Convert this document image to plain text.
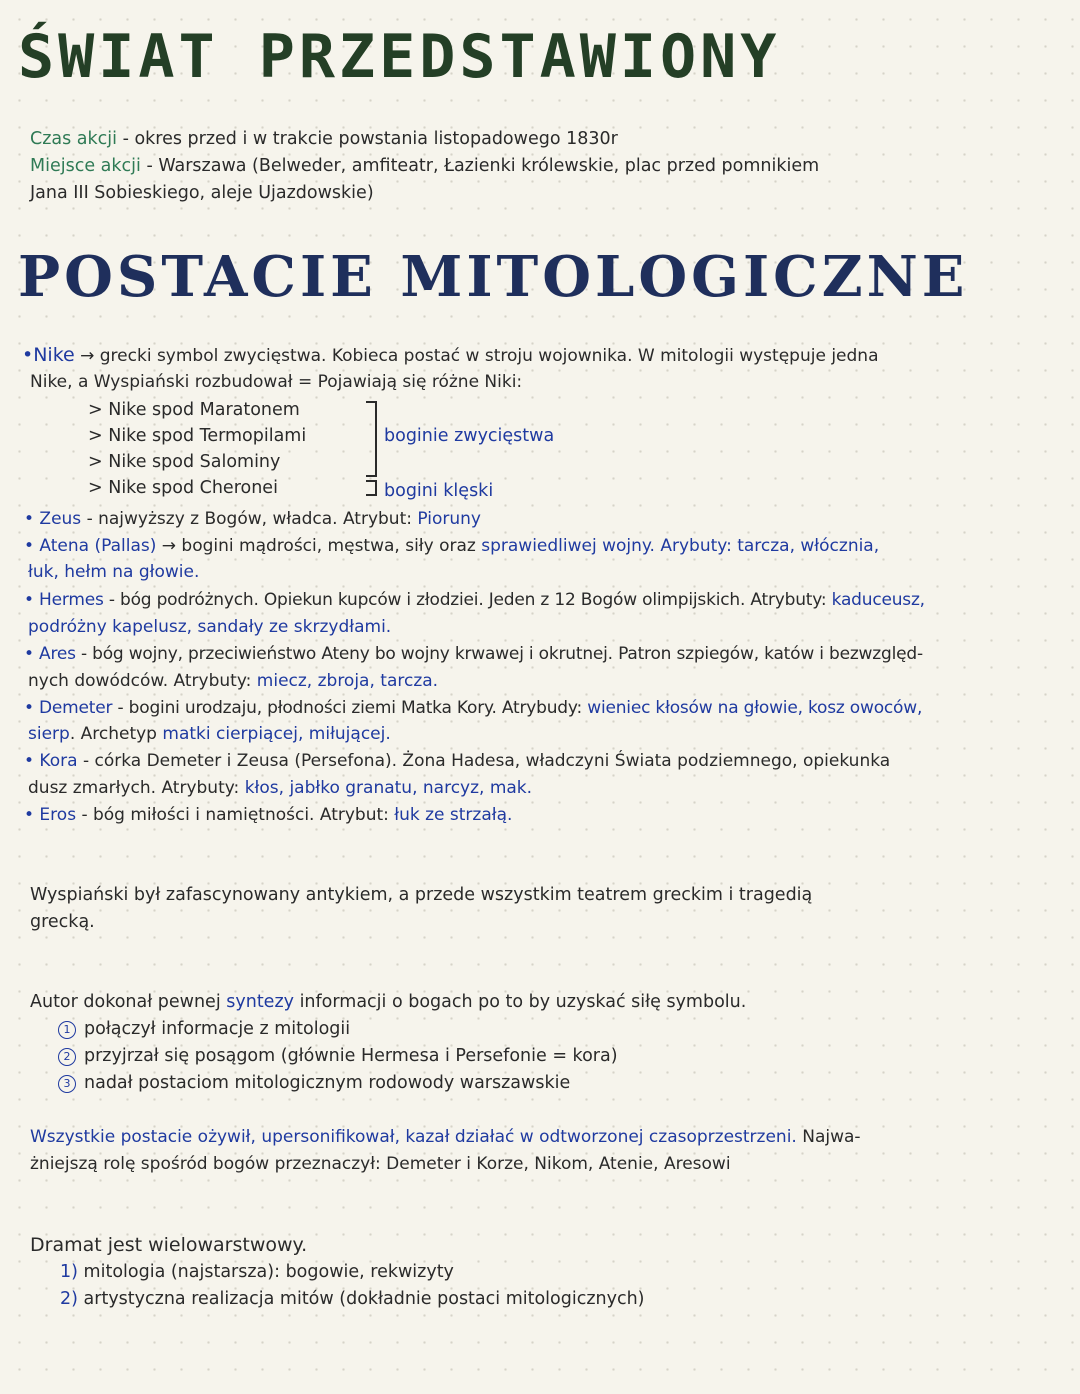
ŚWIAT PRZEDSTAWIONY
POSTACIE MITOLOGICZNE
Czas akcji - okres przed i w trakcie powstania listopadowego 1830r
Miejsce akcji - Warszawa (Belweder, amfiteatr, Łazienki królewskie, plac przed pomnikiem
Jana III Sobieskiego, aleje Ujazdowskie)
•Nike → grecki symbol zwycięstwa. Kobieca postać w stroju wojownika. W mitologii występuje jedna
Nike, a Wyspiański rozbudował = Pojawiają się różne Niki:
> Nike spod Maratonem
> Nike spod Termopilami
> Nike spod Salominy
> Nike spod Cheronei
boginie zwycięstwa
bogini klęski
• Zeus - najwyższy z Bogów, władca. Atrybut: Pioruny
• Atena (Pallas) → bogini mądrości, męstwa, siły oraz sprawiedliwej wojny. Arybuty: tarcza, włócznia,
łuk, hełm na głowie.
• Hermes - bóg podróżnych. Opiekun kupców i złodziei. Jeden z 12 Bogów olimpijskich. Atrybuty: kaduceusz,
podróżny kapelusz, sandały ze skrzydłami.
• Ares - bóg wojny, przeciwieństwo Ateny bo wojny krwawej i okrutnej. Patron szpiegów, katów i bezwzględ-
nych dowódców. Atrybuty: miecz, zbroja, tarcza.
• Demeter - bogini urodzaju, płodności ziemi Matka Kory. Atrybudy: wieniec kłosów na głowie, kosz owoców,
sierp. Archetyp matki cierpiącej, miłującej.
• Kora - córka Demeter i Zeusa (Persefona). Żona Hadesa, władczyni Świata podziemnego, opiekunka
dusz zmarłych. Atrybuty: kłos, jabłko granatu, narcyz, mak.
• Eros - bóg miłości i namiętności. Atrybut: łuk ze strzałą.
Wyspiański był zafascynowany antykiem, a przede wszystkim teatrem greckim i tragedią
grecką.
Autor dokonał pewnej syntezy informacji o bogach po to by uzyskać siłę symbolu.
1 połączył informacje z mitologii
2 przyjrzał się posągom (głównie Hermesa i Persefonie = kora)
3 nadał postaciom mitologicznym rodowody warszawskie
Wszystkie postacie ożywił, upersonifikował, kazał działać w odtworzonej czasoprzestrzeni. Najwa-
żniejszą rolę spośród bogów przeznaczył: Demeter i Korze, Nikom, Atenie, Aresowi
Dramat jest wielowarstwowy.
1) mitologia (najstarsza): bogowie, rekwizyty
2) artystyczna realizacja mitów (dokładnie postaci mitologicznych)
